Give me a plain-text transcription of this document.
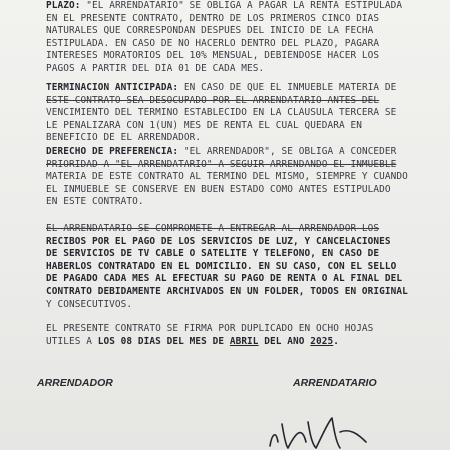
PLAZO: "EL ARRENDATARIO" SE OBLIGA A PAGAR LA RENTA ESTIPULADA
EN EL PRESENTE CONTRATO, DENTRO DE LOS PRIMEROS CINCO DÍAS
NATURALES QUE CORRESPONDAN DESPUÉS DEL INICIO DE LA FECHA
ESTIPULADA. EN CASO DE NO HACERLO DENTRO DEL PLAZO, PAGARÁ
INTERESES MORATORIOS DEL 10% MENSUAL, DEBIÉNDOSE HACER LOS
PAGOS A PARTIR DEL DÍA 01 DE CADA MES.

TERMINACIÓN ANTICIPADA: EN CASO DE QUE EL INMUEBLE MATERIA DE
ESTE CONTRATO SEA DESOCUPADO POR EL ARRENDATARIO ANTES DEL
VENCIMIENTO DEL TÉRMINO ESTABLECIDO EN LA CLÁUSULA TERCERA SE
LE PENALIZARÁ CON 1(UN) MES DE RENTA EL CUAL QUEDARÁ EN
BENEFICIO DE EL ARRENDADOR.

DERECHO DE PREFERENCIA: "EL ARRENDADOR", SE OBLIGA A CONCEDER
PRIORIDAD A "EL ARRENDATARIO" A SEGUIR ARRENDANDO EL INMUEBLE
MATERIA DE ESTE CONTRATO AL TÉRMINO DEL MISMO, SIEMPRE Y CUANDO
EL INMUEBLE SE CONSERVE EN BUEN ESTADO COMO ANTES ESTIPULADO
EN ESTE CONTRATO.

EL ARRENDATARIO SE COMPROMETE A ENTREGAR AL ARRENDADOR LOS
RECIBOS POR EL PAGO DE LOS SERVICIOS DE LUZ, Y CANCELACIONES
DE SERVICIOS DE TV CABLE O SATELITE Y TELEFONO, EN CASO DE
HABERLOS CONTRATADO EN EL DOMICILIO. EN SU CASO, CON EL SELLO
DE PAGADO CADA MES AL EFECTUAR SU PAGO DE RENTA O AL FINAL DEL
CONTRATO DEBIDAMENTE ARCHIVADOS EN UN FOLDER, TODOS EN ORIGINAL
Y CONSECUTIVOS.

EL PRESENTE CONTRATO SE FIRMA POR DUPLICADO EN OCHO HOJAS
ÚTILES A LOS 08 DÍAS DEL MES DE ABRIL DEL AÑO 2025.

ARRENDADOR	ARRENDATARIO
